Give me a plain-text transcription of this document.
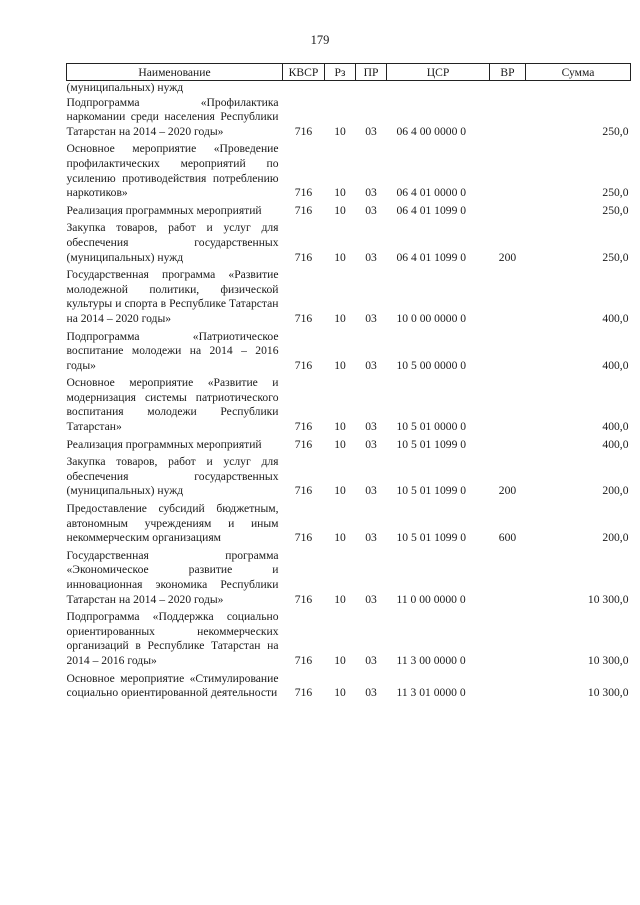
179
Наименование	КВСР	Рз	ПР	ЦСР	ВР	Сумма
(муниципальных) нужд						
Подпрограмма «Профилактика наркомании среди населения Республики Татарстан на 2014 – 2020 годы»	716	10	03	06 4 00 0000 0		250,0

Основное мероприятие «Проведение профилактических мероприятий по усилению противодействия потреблению наркотиков»	716	10	03	06 4 01 0000 0		250,0

Реализация программных мероприятий	716	10	03	06 4 01 1099 0		250,0

Закупка товаров, работ и услуг для обеспечения государственных (муниципальных) нужд	716	10	03	06 4 01 1099 0	200	250,0

Государственная программа «Развитие молодежной политики, физической культуры и спорта в Республике Татарстан на 2014 – 2020 годы»	716	10	03	10 0 00 0000 0		400,0

Подпрограмма «Патриотическое воспитание молодежи на 2014 – 2016 годы»	716	10	03	10 5 00 0000 0		400,0

Основное мероприятие «Развитие и модернизация системы патриотического воспитания молодежи Республики Татарстан»	716	10	03	10 5 01 0000 0		400,0

Реализация программных мероприятий	716	10	03	10 5 01 1099 0		400,0

Закупка товаров, работ и услуг для обеспечения государственных (муниципальных) нужд	716	10	03	10 5 01 1099 0	200	200,0

Предоставление субсидий бюджетным, автономным учреждениям и иным некоммерческим организациям	716	10	03	10 5 01 1099 0	600	200,0

Государственная программа «Экономическое развитие и инновационная экономика Республики Татарстан на 2014 – 2020 годы»	716	10	03	11 0 00 0000 0		10 300,0

Подпрограмма «Поддержка социально ориентированных некоммерческих организаций в Республике Татарстан на 2014 – 2016 годы»	716	10	03	11 3 00 0000 0		10 300,0

Основное мероприятие «Стимулирование социально ориентированной деятельности	716	10	03	11 3 01 0000 0		10 300,0
